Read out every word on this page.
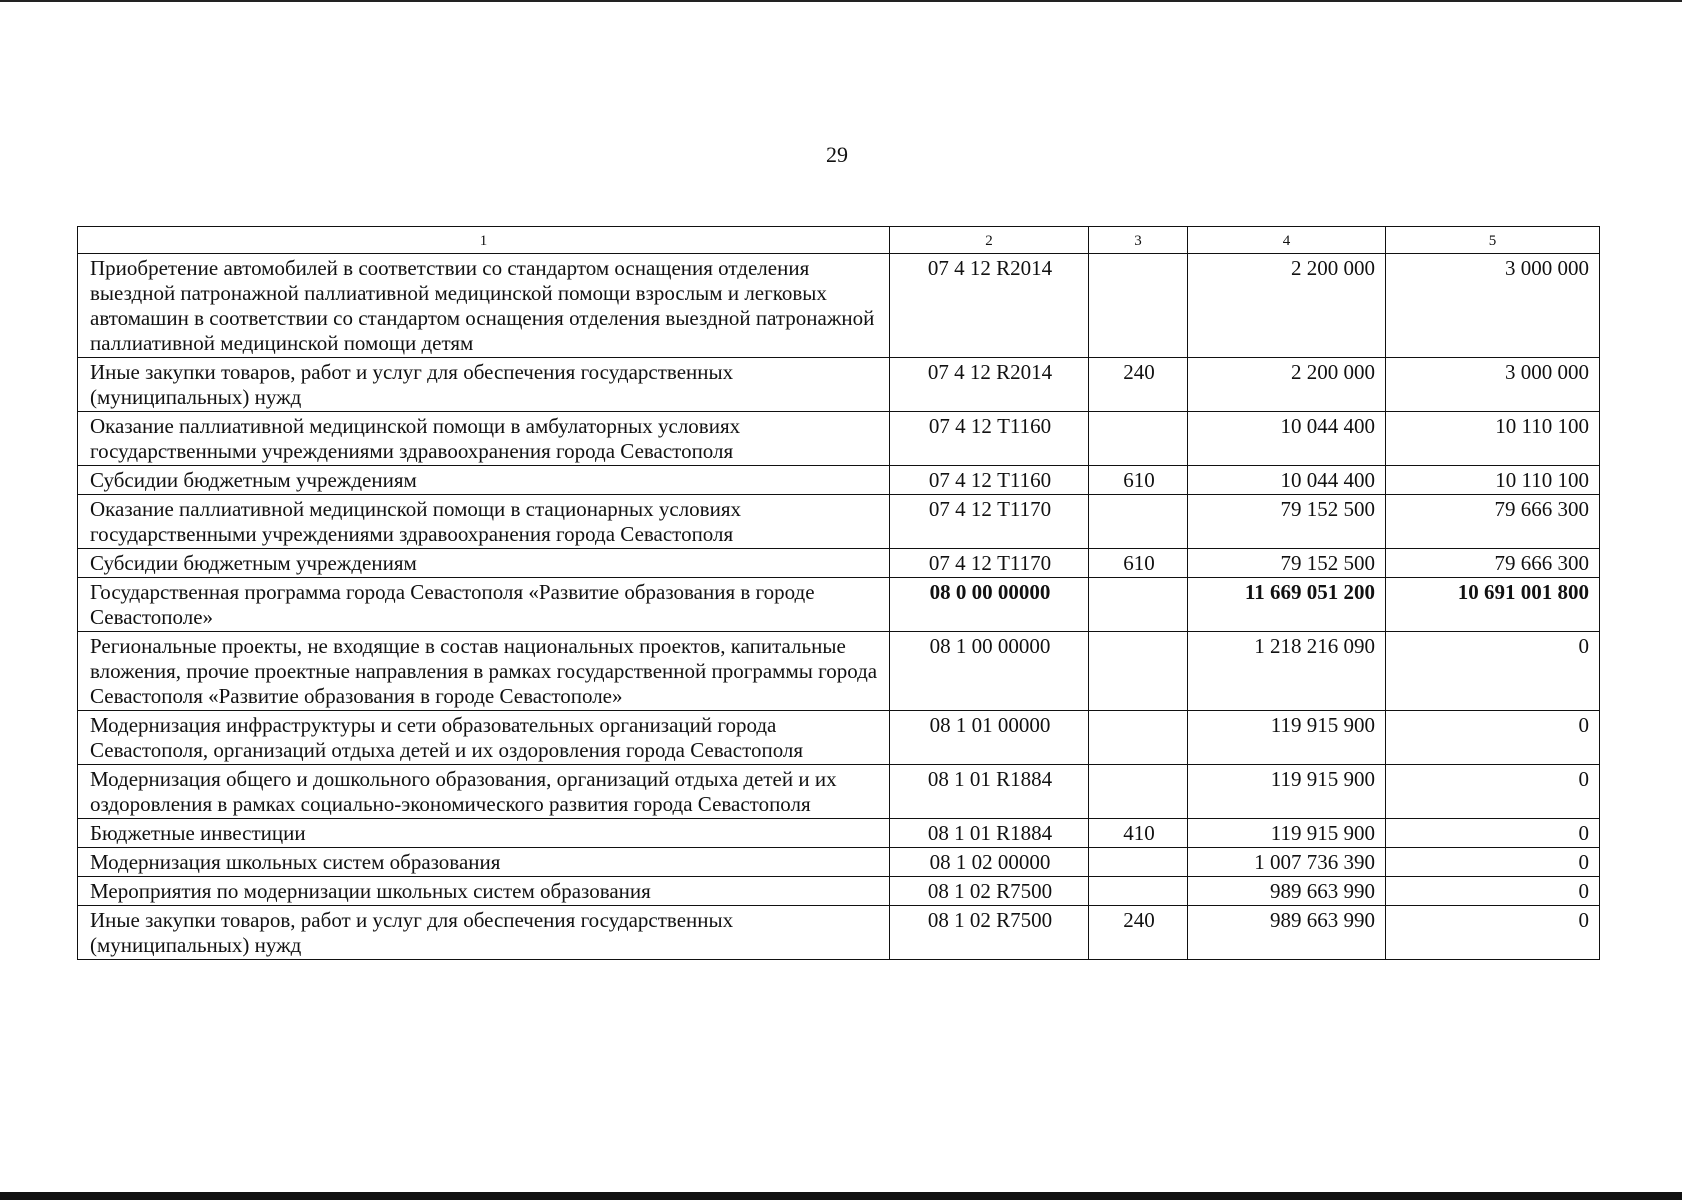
29
1	2	3	4	5
Приобретение автомобилей в соответствии со стандартом оснащения отделения выездной патронажной паллиативной медицинской помощи взрослым и легковых автомашин в соответствии со стандартом оснащения отделения выездной патронажной паллиативной медицинской помощи детям	07 4 12 R2014		2 200 000	3 000 000
Иные закупки товаров, работ и услуг для обеспечения государственных (муниципальных) нужд	07 4 12 R2014	240	2 200 000	3 000 000
Оказание паллиативной медицинской помощи в амбулаторных условиях государственными учреждениями здравоохранения города Севастополя	07 4 12 Т1160		10 044 400	10 110 100
Субсидии бюджетным учреждениям	07 4 12 Т1160	610	10 044 400	10 110 100
Оказание паллиативной медицинской помощи в стационарных условиях государственными учреждениями здравоохранения города Севастополя	07 4 12 Т1170		79 152 500	79 666 300
Субсидии бюджетным учреждениям	07 4 12 Т1170	610	79 152 500	79 666 300
Государственная программа города Севастополя «Развитие образования в городе Севастополе»	08 0 00 00000		11 669 051 200	10 691 001 800
Региональные проекты, не входящие в состав национальных проектов, капитальные вложения, прочие проектные направления в рамках государственной программы города Севастополя «Развитие образования в городе Севастополе»	08 1 00 00000		1 218 216 090	0
Модернизация инфраструктуры и сети образовательных организаций города Севастополя, организаций отдыха детей и их оздоровления города Севастополя	08 1 01 00000		119 915 900	0
Модернизация общего и дошкольного образования, организаций отдыха детей и их оздоровления в рамках социально-экономического развития города Севастополя	08 1 01 R1884		119 915 900	0
Бюджетные инвестиции	08 1 01 R1884	410	119 915 900	0
Модернизация школьных систем образования	08 1 02 00000		1 007 736 390	0
Мероприятия по модернизации школьных систем образования	08 1 02 R7500		989 663 990	0
Иные закупки товаров, работ и услуг для обеспечения государственных (муниципальных) нужд	08 1 02 R7500	240	989 663 990	0
